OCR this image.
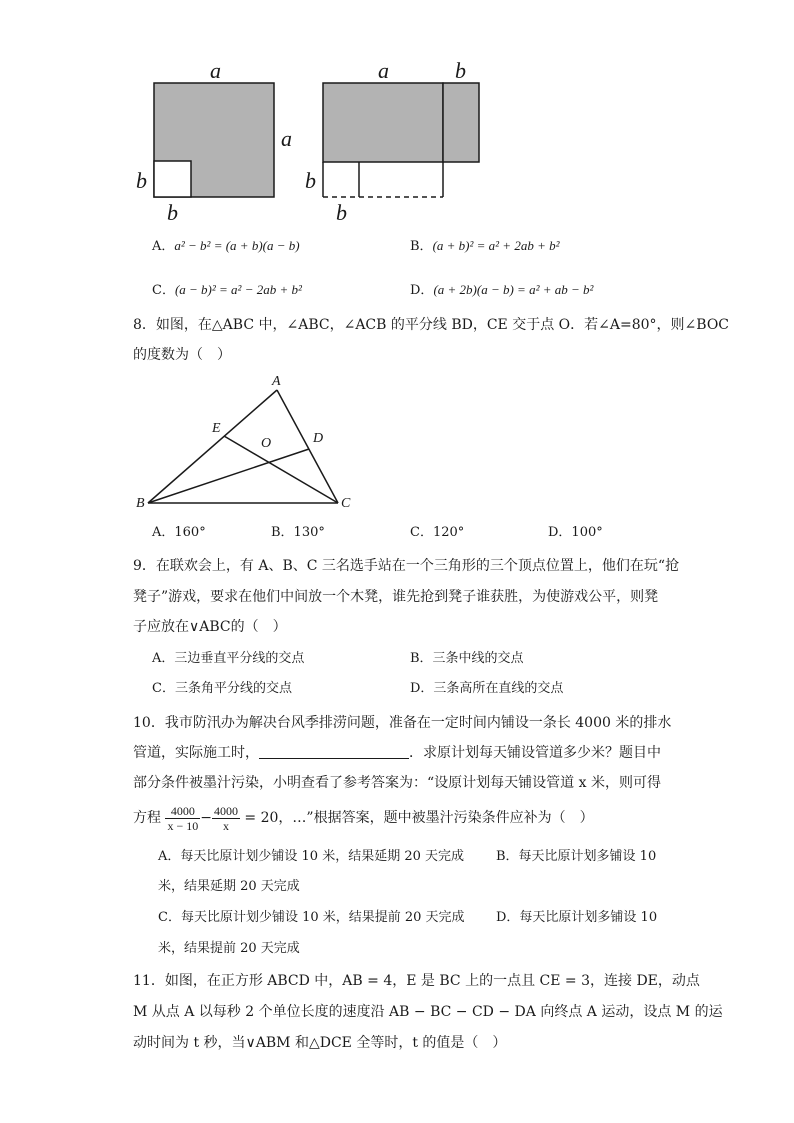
a
a
b
b
a	b
b
b
A．a² − b² = (a + b)(a − b)	B．(a + b)² = a² + 2ab + b²
C．(a − b)² = a² − 2ab + b²	D．(a + 2b)(a − b) = a² + ab − b²
8．如图，在△ABC 中，∠ABC，∠ACB 的平分线 BD，CE 交于点 O．若∠A=80°，则∠BOC
的度数为（　）
A
E
O	D
B	C
A．160°	B．130°	C．120°	D．100°
9．在联欢会上，有 A、B、C 三名选手站在一个三角形的三个顶点位置上，他们在玩“抢
凳子”游戏，要求在他们中间放一个木凳，谁先抢到凳子谁获胜，为使游戏公平，则凳
子应放在∨ABC的（　）
A．三边垂直平分线的交点	B．三条中线的交点
C．三条角平分线的交点	D．三条高所在直线的交点
10．我市防汛办为解决台风季排涝问题，准备在一定时间内铺设一条长 4000 米的排水
管道，实际施工时，	．求原计划每天铺设管道多少米？题目中
部分条件被墨汁污染，小明查看了参考答案为：“设原计划每天铺设管道 x 米，则可得
方程 $\frac{4000}{x - 10} - \frac{4000}{x} = 20$，…”根据答案，题中被墨汁污染条件应补为（　）
A．每天比原计划少铺设 10 米，结果延期 20 天完成 B．每天比原计划多铺设 10
米，结果延期 20 天完成
C．每天比原计划少铺设 10 米，结果提前 20 天完成 D．每天比原计划多铺设 10
米，结果提前 20 天完成
11．如图，在正方形 ABCD 中，AB = 4，E 是 BC 上的一点且 CE = 3，连接 DE，动点
M 从点 A 以每秒 2 个单位长度的速度沿 AB − BC − CD − DA 向终点 A 运动，设点 M 的运
动时间为 t 秒，当∨ABM 和△DCE 全等时，t 的值是（　）
